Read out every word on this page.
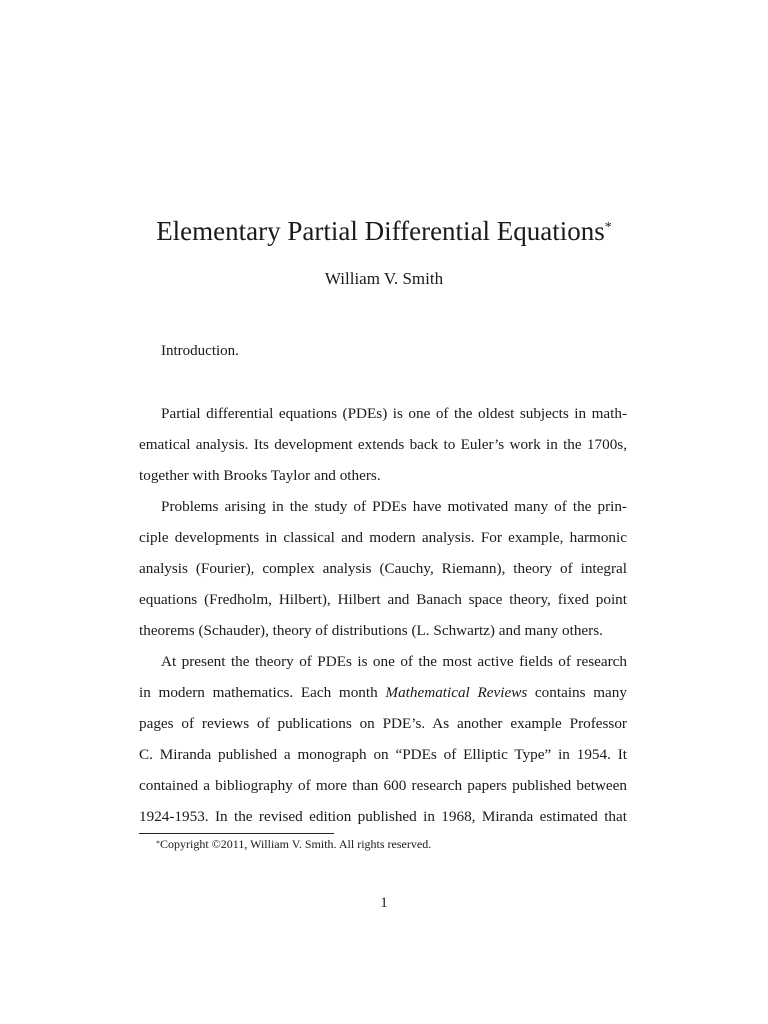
Elementary Partial Differential Equations*
William V. Smith
Introduction.
Partial differential equations (PDEs) is one of the oldest subjects in math-
ematical analysis. Its development extends back to Euler’s work in the 1700s,
together with Brooks Taylor and others.
Problems arising in the study of PDEs have motivated many of the prin-
ciple developments in classical and modern analysis. For example, harmonic
analysis (Fourier), complex analysis (Cauchy, Riemann), theory of integral
equations (Fredholm, Hilbert), Hilbert and Banach space theory, fixed point
theorems (Schauder), theory of distributions (L. Schwartz) and many others.
At present the theory of PDEs is one of the most active fields of research
in modern mathematics. Each month Mathematical Reviews contains many
pages of reviews of publications on PDE’s. As another example Professor
C. Miranda published a monograph on “PDEs of Elliptic Type” in 1954. It
contained a bibliography of more than 600 research papers published between
1924-1953. In the revised edition published in 1968, Miranda estimated that
*Copyright ©2011, William V. Smith. All rights reserved.
1
